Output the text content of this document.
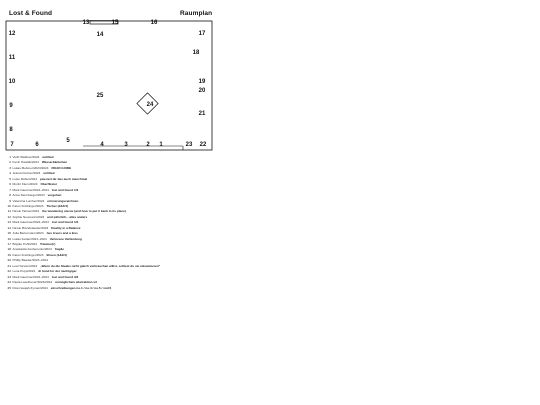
Lost & Found	Raumplan
13	15	16
12	14	17
18
11
10	19
20
25
9	24
21
8
5
7	6	4	3	2 1	23 22
1 Veith Waldner/2024 untitled
2 Kevin Pawlak/2024 Wasserbänkchen
3 Lukas Mebmer/2023/2024 ROAD GUIDE
4 Jelena Fischer/2024 untitled
5 Luise Röber/2024 passiert dir das auch manchmal
6 Moritz Klenn/2024 Oberflüster
7 Mark Gaertner/2022–2024 lost and found 1/3
8 Anna Sternberger/2023 vergehen
9 Valentina Lurcher/2024 erinnerungszeichnen
10 Karen Knöbinger/2023 Tücher (2&4/4)
11 Nicole Tabner/2024 the wandering uterus (and how to put it back in its place)
12 Sophie Neumann/2023 und plötzlich…alles anders
13 Mark Gaertner/2022–2024 lost and found 1/3
14 Nicole Brandstaetter/2024 Duality in a Balance
15 Julia Bertermann/2024 two lovers and a kiss
16 Lukas Felder/2021–2024 Verlorene Verbindung
17 Brigitte Pohl/2024 Träumer(r)
18 Anastasiia Fesherenko/2024 fragile
19 Karen Knöbinger/2023 Ehsen (1&2/4)
20 Phillip Baader/2023–2024
21 Lea Horsten/2024 „Wenn du die Steaks nicht gleich verbrauchen willst, solltest du sie rakuumieren"
22 Lena Popp/2024 di hond for der nachtgiger
23 Mark Gaertner/2022–2024 lost and found 3/3
24 Paula Laxelhuner/2023/2024 unmöglicheis abstraktion v3
25 Kiran kaujah Zyman/2024 einschreibungen no.1 / no.4 / no.5 / vnd.5
